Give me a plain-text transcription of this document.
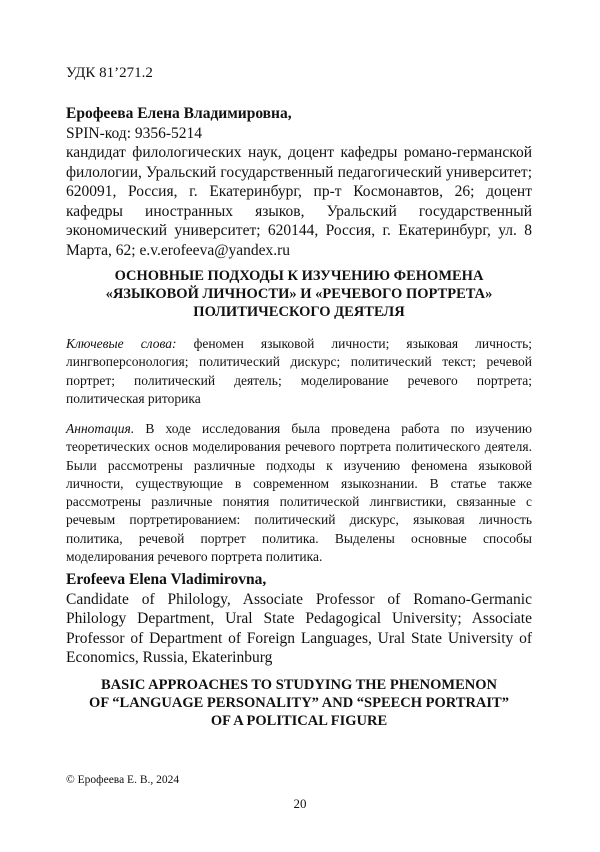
УДК 81’271.2

Ерофеева Елена Владимировна,

SPIN-код: 9356-5214

кандидат филологических наук, доцент кафедры романо-германской филологии, Уральский государственный педагогический университет; 620091, Россия, г. Екатеринбург, пр-т Космонавтов, 26; доцент кафедры иностранных языков, Уральский государственный экономический университет; 620144, Россия, г. Екатеринбург, ул. 8 Марта, 62; e.v.erofeeva@yandex.ru

ОСНОВНЫЕ ПОДХОДЫ К ИЗУЧЕНИЮ ФЕНОМЕНА
«ЯЗЫКОВОЙ ЛИЧНОСТИ» И «РЕЧЕВОГО ПОРТРЕТА»
ПОЛИТИЧЕСКОГО ДЕЯТЕЛЯ

Ключевые слова: феномен языковой личности; языковая личность; лингвоперсонология; политический дискурс; политический текст; речевой портрет; политический деятель; моделирование речевого портрета; политическая риторика

Аннотация. В ходе исследования была проведена работа по изучению теоретических основ моделирования речевого портрета политического деятеля. Были рассмотрены различные подходы к изучению феномена языковой личности, существующие в современном языкознании. В статье также рассмотрены различные понятия политической лингвистики, связанные с речевым портретированием: политический дискурс, языковая личность политика, речевой портрет политика. Выделены основные способы моделирования речевого портрета политика.

Erofeeva Elena Vladimirovna,

Candidate of Philology, Associate Professor of Romano-Germanic Philology Department, Ural State Pedagogical University; Associate Professor of Department of Foreign Languages, Ural State University of Economics, Russia, Ekaterinburg

BASIC APPROACHES TO STUDYING THE PHENOMENON
OF “LANGUAGE PERSONALITY” AND “SPEECH PORTRAIT”
OF A POLITICAL FIGURE

© Ерофеева Е. В., 2024

20
